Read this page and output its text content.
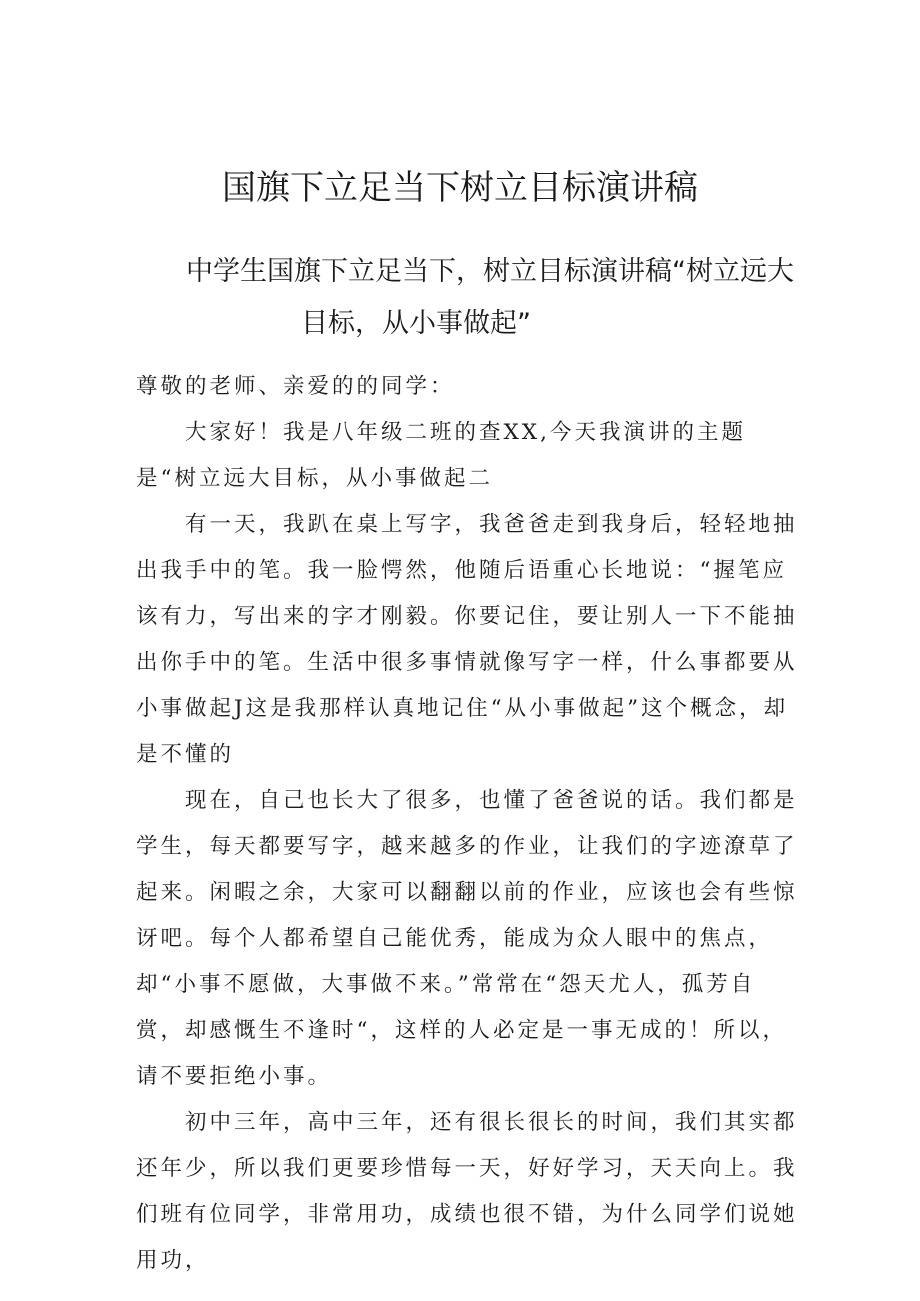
国旗下立足当下树立目标演讲稿
中学生国旗下立足当下，树立目标演讲稿“树立远大
目标，从小事做起”

尊敬的老师、亲爱的的同学：

大家好！我是八年级二班的查XX,今天我演讲的主题是“树立远大目标，从小事做起二

有一天，我趴在桌上写字，我爸爸走到我身后，轻轻地抽出我手中的笔。我一脸愕然，他随后语重心长地说：“握笔应该有力，写出来的字才刚毅。你要记住，要让别人一下不能抽出你手中的笔。生活中很多事情就像写字一样，什么事都要从小事做起J这是我那样认真地记住“从小事做起”这个概念，却是不懂的

现在，自己也长大了很多，也懂了爸爸说的话。我们都是学生，每天都要写字，越来越多的作业，让我们的字迹潦草了起来。闲暇之余，大家可以翻翻以前的作业，应该也会有些惊讶吧。每个人都希望自己能优秀，能成为众人眼中的焦点，却“小事不愿做，大事做不来。”常常在“怨天尤人，孤芳自赏，却感慨生不逢时“，这样的人必定是一事无成的！所以，请不要拒绝小事。

初中三年，高中三年，还有很长很长的时间，我们其实都还年少，所以我们更要珍惜每一天，好好学习，天天向上。我们班有位同学，非常用功，成绩也很不错，为什么同学们说她用功，
